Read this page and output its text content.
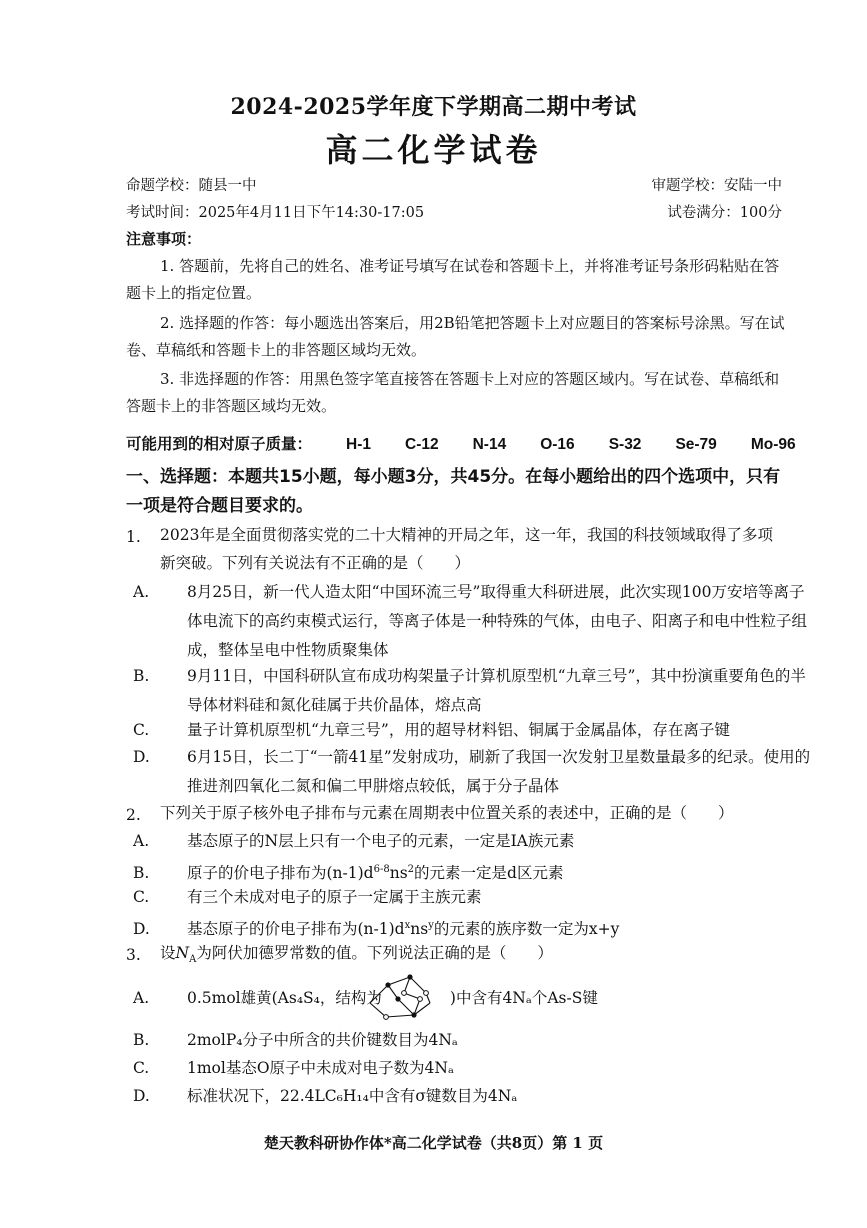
2024-2025学年度下学期高二期中考试
高二化学试卷
命题学校：随县一中	审题学校：安陆一中
考试时间：2025年4月11日下午14:30-17:05	试卷满分：100分
注意事项：
1. 答题前，先将自己的姓名、准考证号填写在试卷和答题卡上，并将准考证号条形码粘贴在答题卡上的指定位置。
2. 选择题的作答：每小题选出答案后，用2B铅笔把答题卡上对应题目的答案标号涂黑。写在试卷、草稿纸和答题卡上的非答题区域均无效。
3. 非选择题的作答：用黑色签字笔直接答在答题卡上对应的答题区域内。写在试卷、草稿纸和答题卡上的非答题区域均无效。
可能用到的相对原子质量： H-1 C-12 N-14 O-16 S-32 Se-79 Mo-96
一、选择题：本题共15小题，每小题3分，共45分。在每小题给出的四个选项中，只有一项是符合题目要求的。
1. 2023年是全面贯彻落实党的二十大精神的开局之年，这一年，我国的科技领域取得了多项新突破。下列有关说法有不正确的是（　　）
A. 8月25日，新一代人造太阳“中国环流三号”取得重大科研进展，此次实现100万安培等离子体电流下的高约束模式运行，等离子体是一种特殊的气体，由电子、阳离子和电中性粒子组成，整体呈电中性物质聚集体
B. 9月11日，中国科研队宣布成功构架量子计算机原型机“九章三号”，其中扮演重要角色的半导体材料硅和氮化硅属于共价晶体，熔点高
C. 量子计算机原型机“九章三号”，用的超导材料铝、铜属于金属晶体，存在离子键
D. 6月15日，长二丁“一箭41星”发射成功，刷新了我国一次发射卫星数量最多的纪录。使用的推进剂四氧化二氮和偏二甲肼熔点较低，属于分子晶体
2. 下列关于原子核外电子排布与元素在周期表中位置关系的表述中，正确的是（　　）
A. 基态原子的N层上只有一个电子的元素，一定是IA族元素
B. 原子的价电子排布为$(n-1)d^{6-8}ns^2$的元素一定是d区元素
C. 有三个未成对电子的原子一定属于主族元素
D. 基态原子的价电子排布为$(n-1)d^xns^y$的元素的族序数一定为x+y
3. 设$N_A$为阿伏加德罗常数的值。下列说法正确的是（　　）
A. 0.5mol雄黄(As₄S₄，结构为	)中含有4Nₐ个As-S键
B. 2molP₄分子中所含的共价键数目为4Nₐ
C. 1mol基态O原子中未成对电子数为4Nₐ
D. 标准状况下，22.4LC₆H₁₄中含有σ键数目为4Nₐ
楚天教科研协作体*高二化学试卷（共8页）第 1 页
